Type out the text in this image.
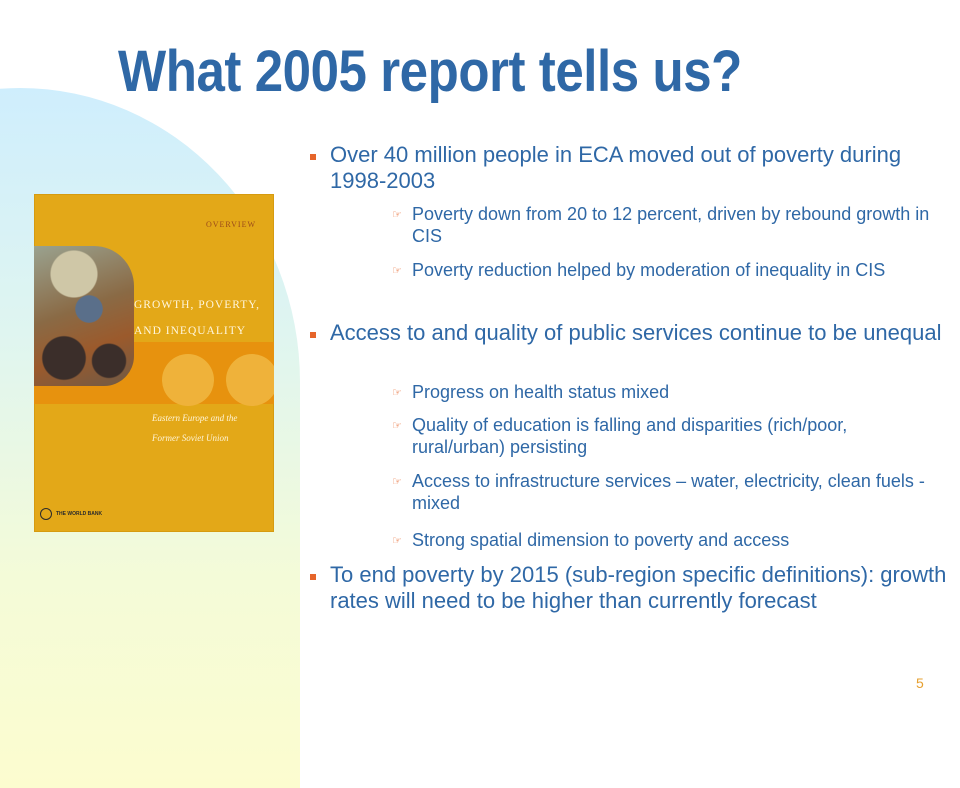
What 2005 report tells us?
OVERVIEW
GROWTH, POVERTY,
AND INEQUALITY
Eastern Europe and the
Former Soviet Union
THE WORLD BANK
Over 40 million people in ECA moved out of poverty during 1998-2003
☞ Poverty down from 20 to 12 percent, driven by rebound growth in CIS
☞ Poverty reduction helped by moderation of inequality in CIS
Access to and quality of public services continue to be unequal
☞ Progress on health status mixed
☞ Quality of education is falling and disparities (rich/poor, rural/urban) persisting
☞ Access to infrastructure services – water, electricity, clean fuels - mixed
☞ Strong spatial dimension to poverty and access
To end poverty by 2015 (sub-region specific definitions): growth rates will need to be higher than currently forecast
5
